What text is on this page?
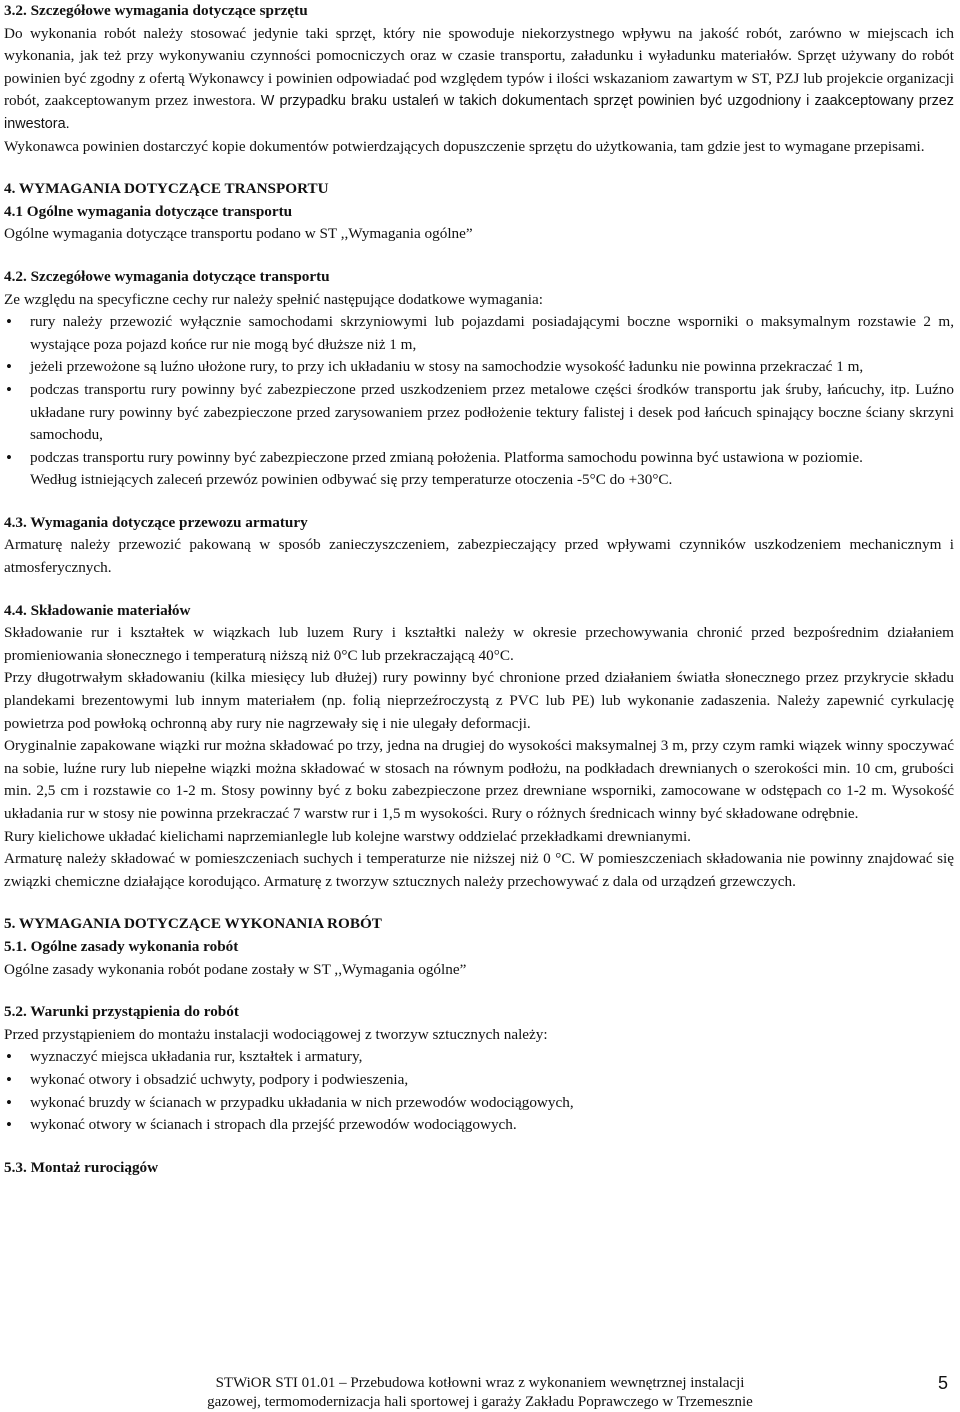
3.2. Szczegółowe wymagania dotyczące sprzętu

Do wykonania robót należy stosować jedynie taki sprzęt, który nie spowoduje niekorzystnego wpływu na jakość robót, zarówno w miejscach ich wykonania, jak też przy wykonywaniu czynności pomocniczych oraz w czasie transportu, załadunku i wyładunku materiałów. Sprzęt używany do robót powinien być zgodny z ofertą Wykonawcy i powinien odpowiadać pod względem typów i ilości wskazaniom zawartym w ST, PZJ lub projekcie organizacji robót, zaakceptowanym przez inwestora. W przypadku braku ustaleń w takich dokumentach sprzęt powinien być uzgodniony i zaakceptowany przez inwestora.

Wykonawca powinien dostarczyć kopie dokumentów potwierdzających dopuszczenie sprzętu do użytkowania, tam gdzie jest to wymagane przepisami.

4. WYMAGANIA DOTYCZĄCE TRANSPORTU

4.1 Ogólne wymagania dotyczące transportu

Ogólne wymagania dotyczące transportu podano w ST ,,Wymagania ogólne”

4.2. Szczegółowe wymagania dotyczące transportu

Ze względu na specyficzne cechy rur należy spełnić następujące dodatkowe wymagania:

• rury należy przewozić wyłącznie samochodami skrzyniowymi lub pojazdami posiadającymi boczne wsporniki o maksymalnym rozstawie 2 m, wystające poza pojazd końce rur nie mogą być dłuższe niż 1 m,
• jeżeli przewożone są luźno ułożone rury, to przy ich układaniu w stosy na samochodzie wysokość ładunku nie powinna przekraczać 1 m,
• podczas transportu rury powinny być zabezpieczone przed uszkodzeniem przez metalowe części środków transportu jak śruby, łańcuchy, itp. Luźno układane rury powinny być zabezpieczone przed zarysowaniem przez podłożenie tektury falistej i desek pod łańcuch spinający boczne ściany skrzyni samochodu,
• podczas transportu rury powinny być zabezpieczone przed zmianą położenia. Platforma samochodu powinna być ustawiona w poziomie.

Według istniejących zaleceń przewóz powinien odbywać się przy temperaturze otoczenia -5°C do +30°C.

4.3. Wymagania dotyczące przewozu armatury

Armaturę należy przewozić pakowaną w sposób zanieczyszczeniem, zabezpieczający przed wpływami czynników uszkodzeniem mechanicznym i atmosferycznych.

4.4. Składowanie materiałów

Składowanie rur i kształtek w wiązkach lub luzem Rury i kształtki należy w okresie przechowywania chronić przed bezpośrednim działaniem promieniowania słonecznego i temperaturą niższą niż 0°C lub przekraczającą 40°C.

Przy długotrwałym składowaniu (kilka miesięcy lub dłużej) rury powinny być chronione przed działaniem światła słonecznego przez przykrycie składu plandekami brezentowymi lub innym materiałem (np. folią nieprzeźroczystą z PVC lub PE) lub wykonanie zadaszenia. Należy zapewnić cyrkulację powietrza pod powłoką ochronną aby rury nie nagrzewały się i nie ulegały deformacji.

Oryginalnie zapakowane wiązki rur można składować po trzy, jedna na drugiej do wysokości maksymalnej 3 m, przy czym ramki wiązek winny spoczywać na sobie, luźne rury lub niepełne wiązki można składować w stosach na równym podłożu, na podkładach drewnianych o szerokości min. 10 cm, grubości min. 2,5 cm i rozstawie co 1-2 m. Stosy powinny być z boku zabezpieczone przez drewniane wsporniki, zamocowane w odstępach co 1-2 m. Wysokość układania rur w stosy nie powinna przekraczać 7 warstw rur i 1,5 m wysokości. Rury o różnych średnicach winny być składowane odrębnie.

Rury kielichowe układać kielichami naprzemianlegle lub kolejne warstwy oddzielać przekładkami drewnianymi.

Armaturę należy składować w pomieszczeniach suchych i temperaturze nie niższej niż 0 °C. W pomieszczeniach składowania nie powinny znajdować się związki chemiczne działające korodująco. Armaturę z tworzyw sztucznych należy przechowywać z dala od urządzeń grzewczych.

5. WYMAGANIA DOTYCZĄCE WYKONANIA ROBÓT

5.1. Ogólne zasady wykonania robót

Ogólne zasady wykonania robót podane zostały w ST ,,Wymagania ogólne”

5.2. Warunki przystąpienia do robót

Przed przystąpieniem do montażu instalacji wodociągowej z tworzyw sztucznych należy:

• wyznaczyć miejsca układania rur, kształtek i armatury,
• wykonać otwory i obsadzić uchwyty, podpory i podwieszenia,
• wykonać bruzdy w ścianach w przypadku układania w nich przewodów wodociągowych,
• wykonać otwory w ścianach i stropach dla przejść przewodów wodociągowych.

5.3. Montaż rurociągów

STWiOR STI 01.01 – Przebudowa kotłowni wraz z wykonaniem wewnętrznej instalacji
gazowej, termomodernizacja hali sportowej i garaży Zakładu Poprawczego w Trzemesznie
5
